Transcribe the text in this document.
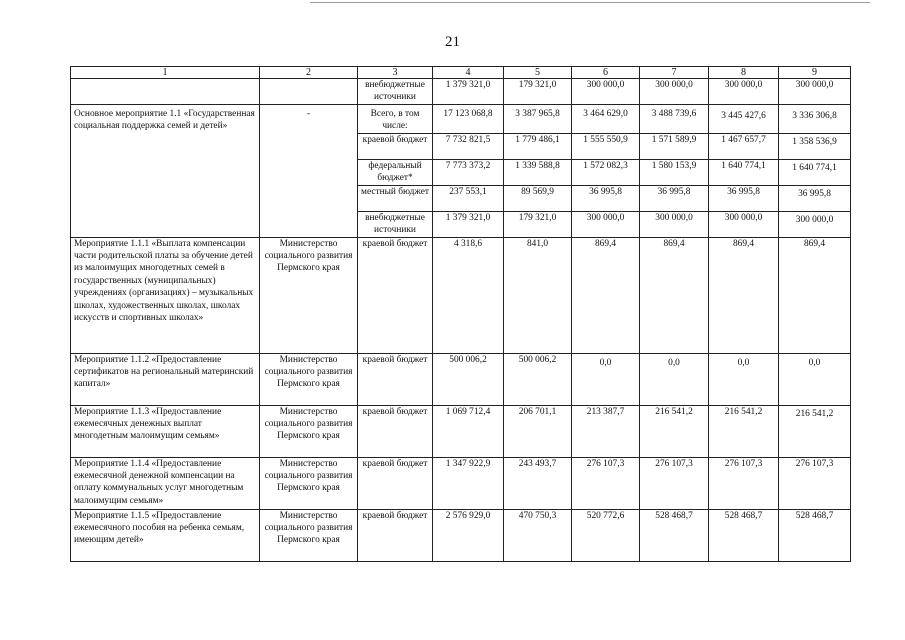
21
1	2	3	4	5	6	7	8	9
		внебюджетные источники	1 379 321,0	179 321,0	300 000,0	300 000,0	300 000,0	300 000,0
Основное мероприятие 1.1 «Государственная социальная поддержка семей и детей»	-	Всего, в том числе:	17 123 068,8	3 387 965,8	3 464 629,0	3 488 739,6	3 445 427,6	3 336 306,8
		краевой бюджет	7 732 821,5	1 779 486,1	1 555 550,9	1 571 589,9	1 467 657,7	1 358 536,9
		федеральный бюджет*	7 773 373,2	1 339 588,8	1 572 082,3	1 580 153,9	1 640 774,1	1 640 774,1
		местный бюджет	237 553,1	89 569,9	36 995,8	36 995,8	36 995,8	36 995,8
		внебюджетные источники	1 379 321,0	179 321,0	300 000,0	300 000,0	300 000,0	300 000,0
Мероприятие 1.1.1 «Выплата компенсации части родительской платы за обучение детей из малоимущих многодетных семей в государственных (муниципальных) учреждениях (организациях) – музыкальных школах, художественных школах, школах искусств и спортивных школах»	Министерство социального развития Пермского края	краевой бюджет	4 318,6	841,0	869,4	869,4	869,4	869,4
Мероприятие 1.1.2 «Предоставление сертификатов на региональный материнский капитал»	Министерство социального развития Пермского края	краевой бюджет	500 006,2	500 006,2	0,0	0,0	0,0	0,0
Мероприятие 1.1.3 «Предоставление ежемесячных денежных выплат многодетным малоимущим семьям»	Министерство социального развития Пермского края	краевой бюджет	1 069 712,4	206 701,1	213 387,7	216 541,2	216 541,2	216 541,2
Мероприятие 1.1.4 «Предоставление ежемесячной денежной компенсации на оплату коммунальных услуг многодетным малоимущим семьям»	Министерство социального развития Пермского края	краевой бюджет	1 347 922,9	243 493,7	276 107,3	276 107,3	276 107,3	276 107,3
Мероприятие 1.1.5 «Предоставление ежемесячного пособия на ребенка семьям, имеющим детей»	Министерство социального развития Пермского края	краевой бюджет	2 576 929,0	470 750,3	520 772,6	528 468,7	528 468,7	528 468,7
